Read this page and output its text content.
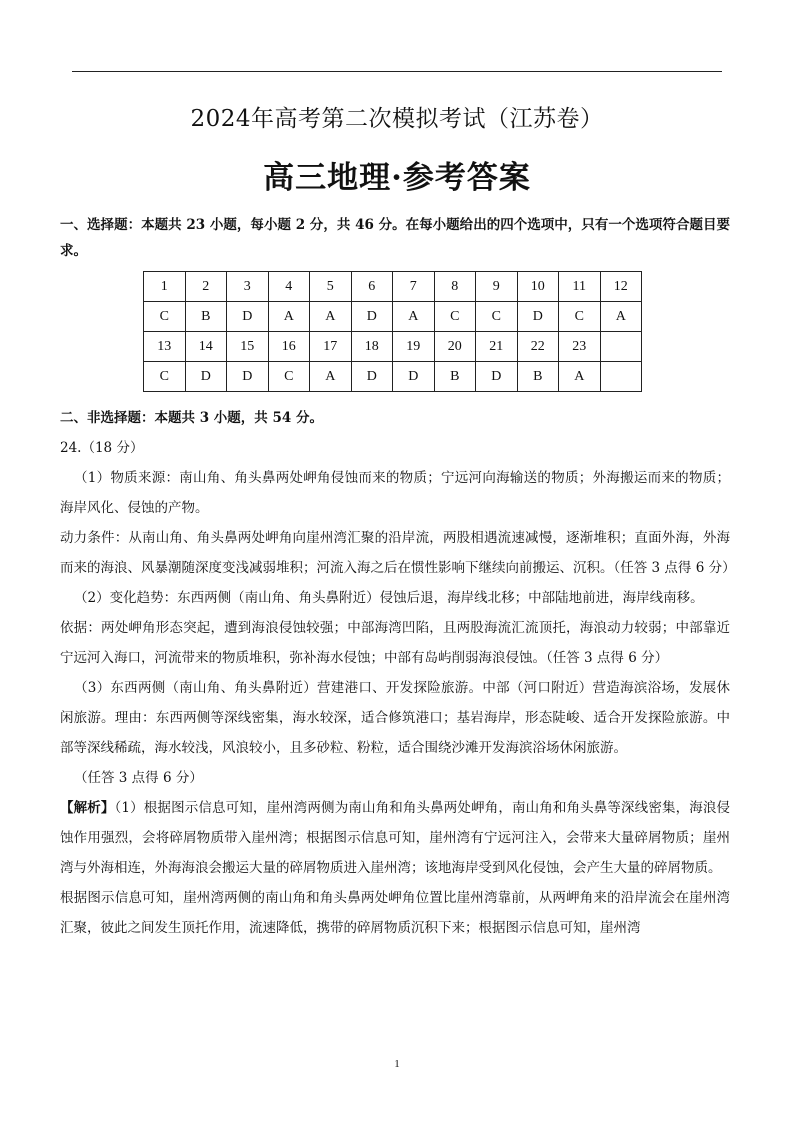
2024年高考第二次模拟考试（江苏卷）
高三地理·参考答案
一、选择题：本题共 23 小题，每小题 2 分，共 46 分。在每小题给出的四个选项中，只有一个选项符合题目要求。
1	2	3	4	5	6	7	8	9	10	11	12
C	B	D	A	A	D	A	C	C	D	C	A
13	14	15	16	17	18	19	20	21	22	23	
C	D	D	C	A	D	D	B	D	B	A	
二、非选择题：本题共 3 小题，共 54 分。

24.（18 分）

（1）物质来源：南山角、角头鼻两处岬角侵蚀而来的物质；宁远河向海输送的物质；外海搬运而来的物质；海岸风化、侵蚀的产物。

动力条件：从南山角、角头鼻两处岬角向崖州湾汇聚的沿岸流，两股相遇流速减慢，逐渐堆积；直面外海，外海而来的海浪、风暴潮随深度变浅减弱堆积；河流入海之后在惯性影响下继续向前搬运、沉积。（任答 3 点得 6 分）

（2）变化趋势：东西两侧（南山角、角头鼻附近）侵蚀后退，海岸线北移；中部陆地前进，海岸线南移。

依据：两处岬角形态突起，遭到海浪侵蚀较强；中部海湾凹陷，且两股海流汇流顶托，海浪动力较弱；中部靠近宁远河入海口，河流带来的物质堆积，弥补海水侵蚀；中部有岛屿削弱海浪侵蚀。（任答 3 点得 6 分）

（3）东西两侧（南山角、角头鼻附近）营建港口、开发探险旅游。中部（河口附近）营造海滨浴场，发展休闲旅游。理由：东西两侧等深线密集，海水较深，适合修筑港口；基岩海岸，形态陡峻、适合开发探险旅游。中部等深线稀疏，海水较浅，风浪较小，且多砂粒、粉粒，适合围绕沙滩开发海滨浴场休闲旅游。

（任答 3 点得 6 分）

【解析】（1）根据图示信息可知，崖州湾两侧为南山角和角头鼻两处岬角，南山角和角头鼻等深线密集，海浪侵蚀作用强烈，会将碎屑物质带入崖州湾；根据图示信息可知，崖州湾有宁远河注入，会带来大量碎屑物质；崖州湾与外海相连，外海海浪会搬运大量的碎屑物质进入崖州湾；该地海岸受到风化侵蚀，会产生大量的碎屑物质。

根据图示信息可知，崖州湾两侧的南山角和角头鼻两处岬角位置比崖州湾靠前，从两岬角来的沿岸流会在崖州湾汇聚，彼此之间发生顶托作用，流速降低，携带的碎屑物质沉积下来；根据图示信息可知，崖州湾

1
